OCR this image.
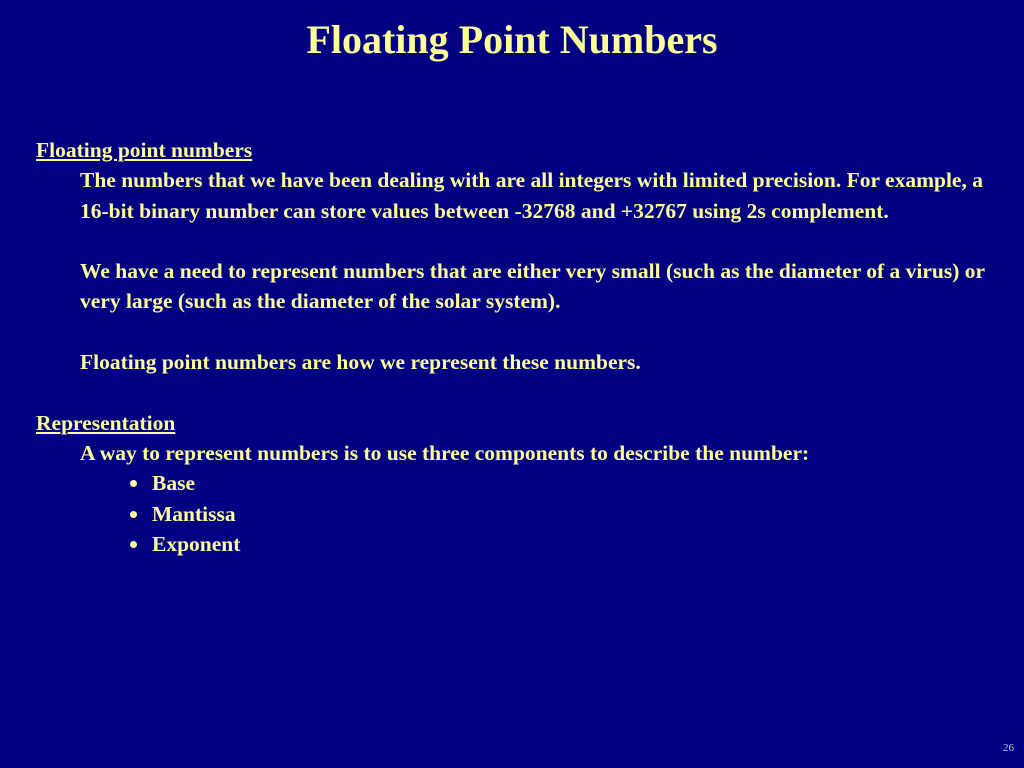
Floating Point Numbers
Floating point numbers
The numbers that we have been dealing with are all integers with limited precision. For example, a 16-bit binary number can store values between -32768 and +32767 using 2s complement.
We have a need to represent numbers that are either very small (such as the diameter of a virus) or very large (such as the diameter of the solar system).
Floating point numbers are how we represent these numbers.
Representation
A way to represent numbers is to use three components to describe the number:
Base
Mantissa
Exponent
26
